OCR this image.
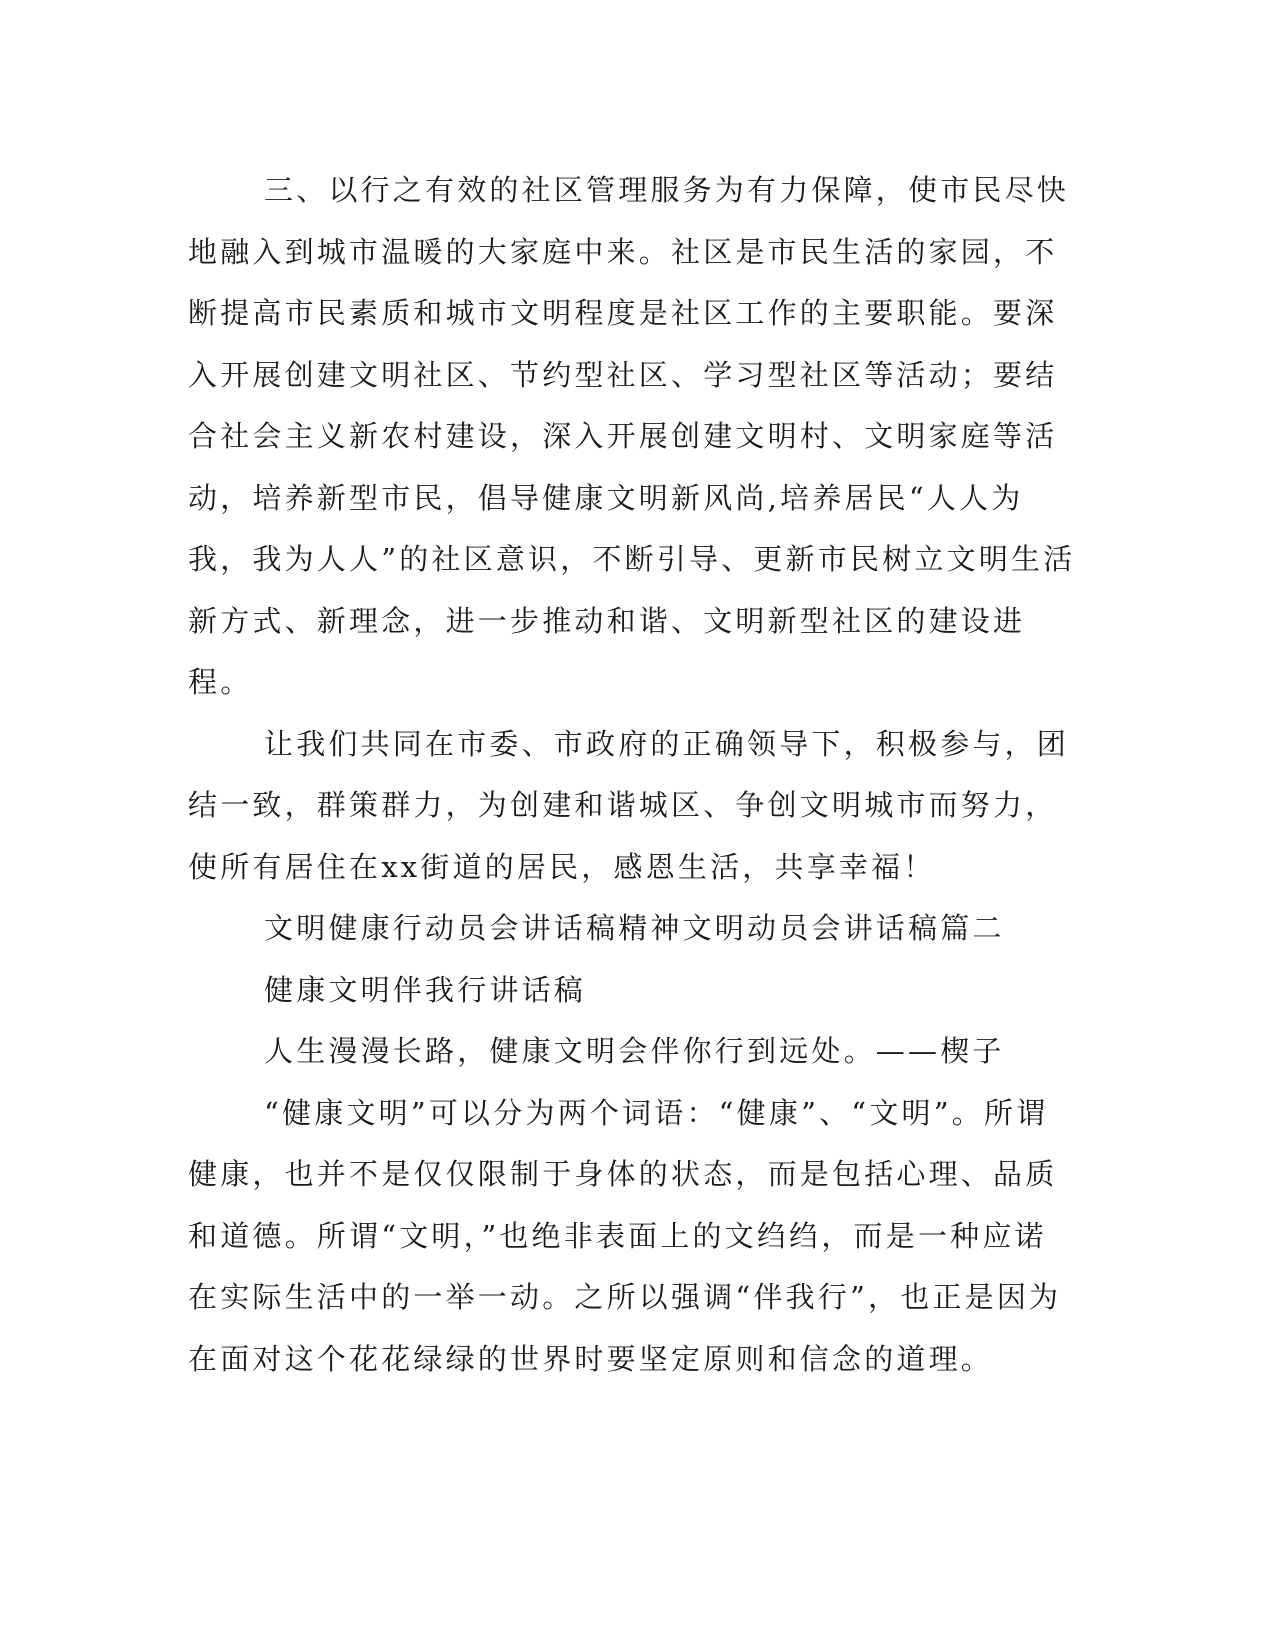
三、以行之有效的社区管理服务为有力保障，使市民尽快地融入到城市温暖的大家庭中来。社区是市民生活的家园，不断提高市民素质和城市文明程度是社区工作的主要职能。要深入开展创建文明社区、节约型社区、学习型社区等活动；要结合社会主义新农村建设，深入开展创建文明村、文明家庭等活动，培养新型市民，倡导健康文明新风尚,培养居民“人人为我，我为人人”的社区意识，不断引导、更新市民树立文明生活新方式、新理念，进一步推动和谐、文明新型社区的建设进程。

让我们共同在市委、市政府的正确领导下，积极参与，团结一致，群策群力，为创建和谐城区、争创文明城市而努力，使所有居住在xx街道的居民，感恩生活，共享幸福！

文明健康行动员会讲话稿精神文明动员会讲话稿篇二

健康文明伴我行讲话稿

人生漫漫长路，健康文明会伴你行到远处。——楔子

“健康文明”可以分为两个词语：“健康”、“文明”。所谓健康，也并不是仅仅限制于身体的状态，而是包括心理、品质和道德。所谓“文明，”也绝非表面上的文绉绉，而是一种应诺在实际生活中的一举一动。之所以强调“伴我行”，也正是因为在面对这个花花绿绿的世界时要坚定原则和信念的道理。
